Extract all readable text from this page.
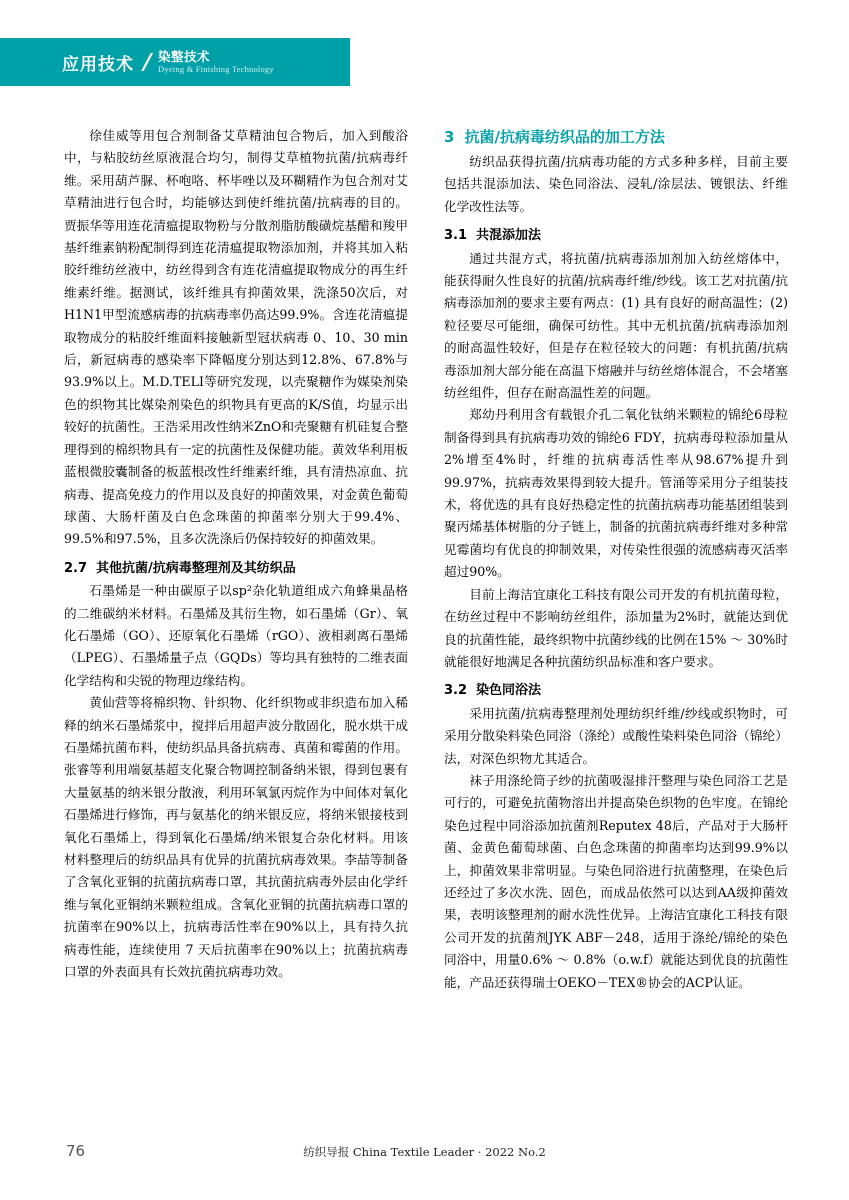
应用技术 / 染整技术
Dyeing & Finishing Technology

徐佳威等用包合剂制备艾草精油包合物后，加入到酸浴中，与粘胶纺丝原液混合均匀，制得艾草植物抗菌/抗病毒纤维。采用葫芦脲、杯咆咯、杯毕唑以及环糊精作为包合剂对艾草精油进行包合时，均能够达到使纤维抗菌/抗病毒的目的。贾振华等用连花清瘟提取物粉与分散剂脂肪酸磺烷基醋和羧甲基纤维素钠粉配制得到连花清瘟提取物添加剂，并将其加入粘胶纤维纺丝液中，纺丝得到含有连花清瘟提取物成分的再生纤维素纤维。据测试，该纤维具有抑菌效果，洗涤50次后，对H1N1甲型流感病毒的抗病毒率仍高达99.9%。含连花清瘟提取物成分的粘胶纤维面料接触新型冠状病毒 0、10、30 min 后，新冠病毒的感染率下降幅度分别达到12.8%、67.8%与93.9%以上。M.D.TELI等研究发现，以壳聚糖作为媒染剂染色的织物其比媒染剂染色的织物具有更高的K/S值，均显示出较好的抗菌性。王浩采用改性纳米ZnO和壳聚糖有机硅复合整理得到的棉织物具有一定的抗菌性及保健功能。黄效华利用板蓝根微胶囊制备的板蓝根改性纤维素纤维，具有清热凉血、抗病毒、提高免疫力的作用以及良好的抑菌效果，对金黄色葡萄球菌、大肠杆菌及白色念珠菌的抑菌率分别大于99.4%、99.5%和97.5%，且多次洗涤后仍保持较好的抑菌效果。

2.7 其他抗菌/抗病毒整理剂及其纺织品

石墨烯是一种由碳原子以sp²杂化轨道组成六角蜂巢晶格的二维碳纳米材料。石墨烯及其衍生物，如石墨烯（Gr）、氧化石墨烯（GO）、还原氧化石墨烯（rGO）、液相剥离石墨烯（LPEG）、石墨烯量子点（GQDs）等均具有独特的二维表面化学结构和尖锐的物理边缘结构。

黄仙营等将棉织物、针织物、化纤织物或非织造布加入稀释的纳米石墨烯浆中，搅拌后用超声波分散固化，脱水烘干成石墨烯抗菌布料，使纺织品具备抗病毒、真菌和霉菌的作用。张睿等利用端氨基超支化聚合物调控制备纳米银，得到包裹有大量氨基的纳米银分散液，利用环氧氯丙烷作为中间体对氧化石墨烯进行修饰，再与氨基化的纳米银反应，将纳米银接枝到氧化石墨烯上，得到氧化石墨烯/纳米银复合杂化材料。用该材料整理后的纺织品具有优异的抗菌抗病毒效果。李喆等制备了含氧化亚铜的抗菌抗病毒口罩，其抗菌抗病毒外层由化学纤维与氧化亚铜纳米颗粒组成。含氧化亚铜的抗菌抗病毒口罩的抗菌率在90%以上，抗病毒活性率在90%以上，具有持久抗病毒性能，连续使用 7 天后抗菌率在90%以上；抗菌抗病毒口罩的外表面具有长效抗菌抗病毒功效。

3 抗菌/抗病毒纺织品的加工方法

纺织品获得抗菌/抗病毒功能的方式多种多样，目前主要包括共混添加法、染色同浴法、浸轧/涂层法、镀银法、纤维化学改性法等。

3.1 共混添加法

通过共混方式，将抗菌/抗病毒添加剂加入纺丝熔体中，能获得耐久性良好的抗菌/抗病毒纤维/纱线。该工艺对抗菌/抗病毒添加剂的要求主要有两点：(1) 具有良好的耐高温性；(2) 粒径要尽可能细，确保可纺性。其中无机抗菌/抗病毒添加剂的耐高温性较好，但是存在粒径较大的问题：有机抗菌/抗病毒添加剂大部分能在高温下熔融并与纺丝熔体混合，不会堵塞纺丝组件，但存在耐高温性差的问题。

郑幼丹利用含有载银介孔二氧化钛纳米颗粒的锦纶6母粒制备得到具有抗病毒功效的锦纶6 FDY，抗病毒母粒添加量从2%增至4%时，纤维的抗病毒活性率从98.67%提升到99.97%，抗病毒效果得到较大提升。管涌等采用分子组装技术，将优选的具有良好热稳定性的抗菌抗病毒功能基团组装到聚丙烯基体树脂的分子链上，制备的抗菌抗病毒纤维对多种常见霉菌均有优良的抑制效果，对传染性很强的流感病毒灭活率超过90%。

目前上海洁宜康化工科技有限公司开发的有机抗菌母粒，在纺丝过程中不影响纺丝组件，添加量为2%时，就能达到优良的抗菌性能，最终织物中抗菌纱线的比例在15% ～ 30%时就能很好地满足各种抗菌纺织品标准和客户要求。

3.2 染色同浴法

采用抗菌/抗病毒整理剂处理纺织纤维/纱线或织物时，可采用分散染料染色同浴（涤纶）或酸性染料染色同浴（锦纶）法，对深色织物尤其适合。

袜子用涤纶筒子纱的抗菌吸湿排汗整理与染色同浴工艺是可行的，可避免抗菌物溶出并提高染色织物的色牢度。在锦纶染色过程中同浴添加抗菌剂Reputex 48后，产品对于大肠杆菌、金黄色葡萄球菌、白色念珠菌的抑菌率均达到99.9%以上，抑菌效果非常明显。与染色同浴进行抗菌整理，在染色后还经过了多次水洗、固色，而成品依然可以达到AA级抑菌效果，表明该整理剂的耐水洗性优异。上海洁宜康化工科技有限公司开发的抗菌剂JYK ABF－248，适用于涤纶/锦纶的染色同浴中，用量0.6% ～ 0.8%（o.w.f）就能达到优良的抗菌性能，产品还获得瑞士OEKO－TEX®协会的ACP认证。

76	纺织导报 China Textile Leader · 2022 No.2
